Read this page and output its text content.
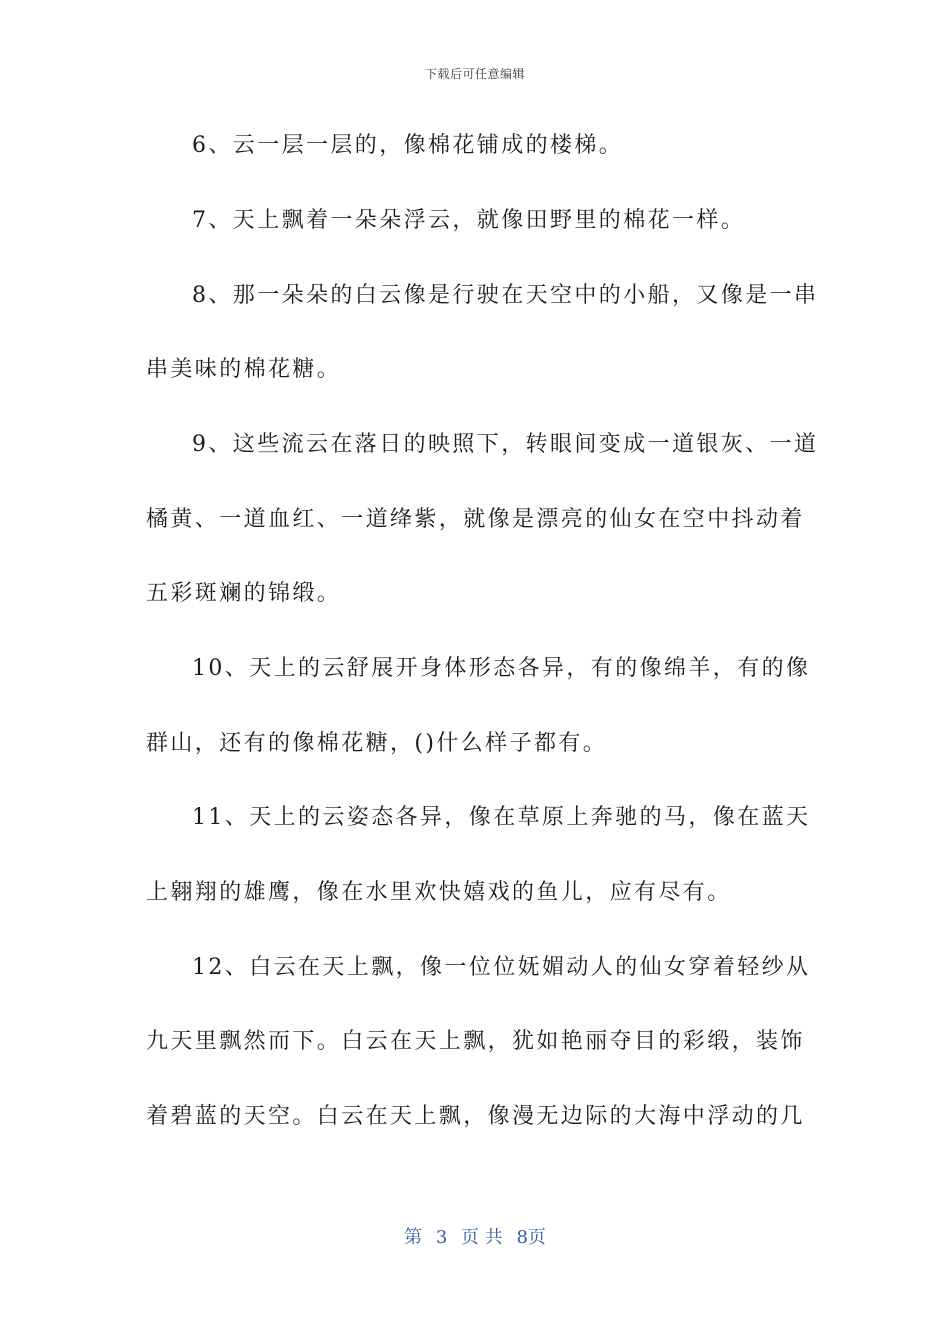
下载后可任意编辑
6、云一层一层的，像棉花铺成的楼梯。
7、天上飘着一朵朵浮云，就像田野里的棉花一样。
8、那一朵朵的白云像是行驶在天空中的小船，又像是一串
串美味的棉花糖。
9、这些流云在落日的映照下，转眼间变成一道银灰、一道
橘黄、一道血红、一道绛紫，就像是漂亮的仙女在空中抖动着
五彩斑斓的锦缎。
10、天上的云舒展开身体形态各异，有的像绵羊，有的像
群山，还有的像棉花糖，()什么样子都有。
11、天上的云姿态各异，像在草原上奔驰的马，像在蓝天
上翱翔的雄鹰，像在水里欢快嬉戏的鱼儿，应有尽有。
12、白云在天上飘，像一位位妩媚动人的仙女穿着轻纱从
九天里飘然而下。白云在天上飘，犹如艳丽夺目的彩缎，装饰
着碧蓝的天空。白云在天上飘，像漫无边际的大海中浮动的几
第 3 页 共 8页
